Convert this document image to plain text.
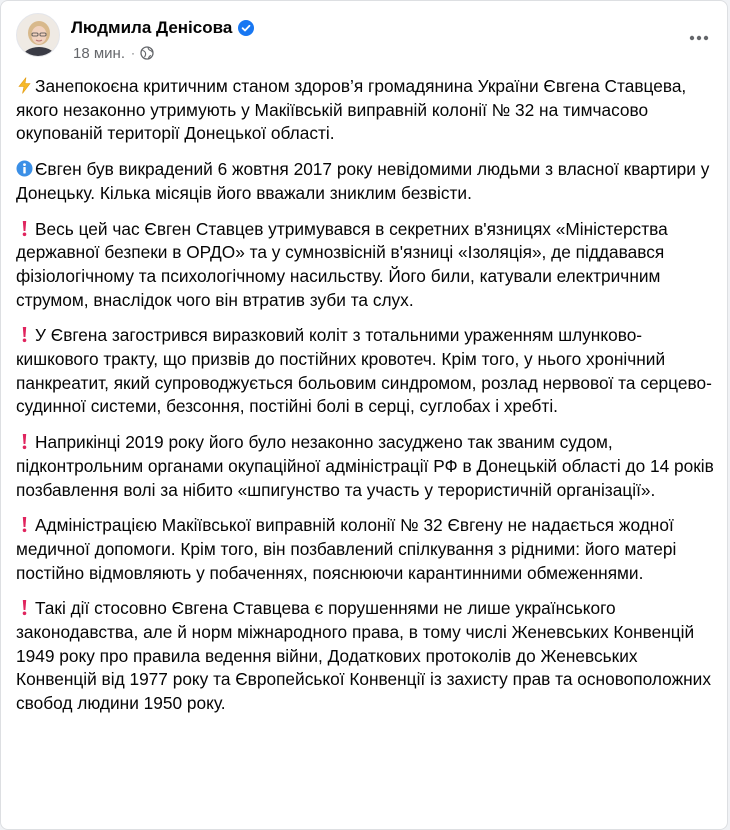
Людмила Денісова
18 мин. ·
Занепокоєна критичним станом здоров’я громадянина України Євгена Ставцева, якого незаконно утримують у Макіївській виправній колонії № 32 на тимчасово окупованій території Донецької області.
Євген був викрадений 6 жовтня 2017 року невідомими людьми з власної квартири у Донецьку. Кілька місяців його вважали зниклим безвісти.
Весь цей час Євген Ставцев утримувався в секретних в'язницях «Міністерства державної безпеки в ОРДО» та у сумнозвісній в'язниці «Ізоляція», де піддавався фізіологічному та психологічному насильству. Його били, катували електричним струмом, внаслідок чого він втратив зуби та слух.
У Євгена загострився виразковий коліт з тотальними ураженням шлунково-кишкового тракту, що призвів до постійних кровотеч. Крім того, у нього хронічний панкреатит, який супроводжується больовим синдромом, розлад нервової та серцево-судинної системи, безсоння, постійні болі в серці, суглобах і хребті.
Наприкінці 2019 року його було незаконно засуджено так званим судом, підконтрольним органами окупаційної адміністрації РФ в Донецькій області до 14 років позбавлення волі за нібито «шпигунство та участь у терористичній організації».
Адміністрацією Макіївської виправній колонії № 32 Євгену не надається жодної медичної допомоги. Крім того, він позбавлений спілкування з рідними: його матері постійно відмовляють у побаченнях, пояснюючи карантинними обмеженнями.
Такі дії стосовно Євгена Ставцева є порушеннями не лише українського законодавства, але й норм міжнародного права, в тому числі Женевських Конвенцій 1949 року про правила ведення війни, Додаткових протоколів до Женевських Конвенцій від 1977 року та Європейської Конвенції із захисту прав та основоположних свобод людини 1950 року.
